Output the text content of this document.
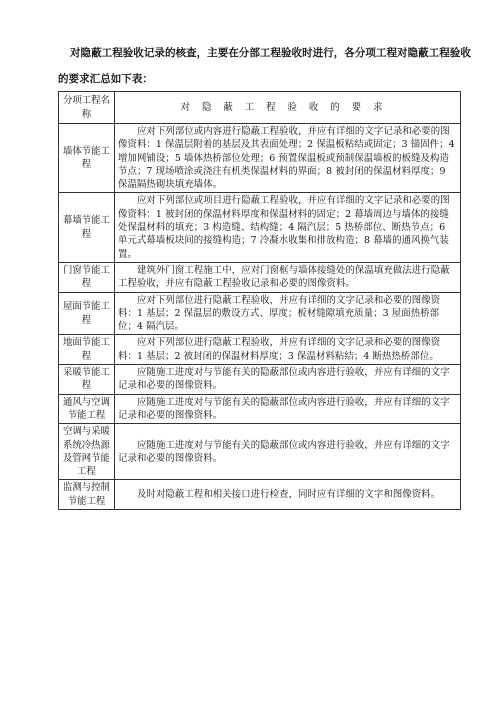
对隐蔽工程验收记录的核查，主要在分部工程验收时进行，各分项工程对隐蔽工程验收的要求汇总如下表：

分项工程名称	对隐蔽工程验收的要求
墙体节能工程	应对下列部位或内容进行隐蔽工程验收，并应有详细的文字记录和必要的图像资料：1 保温层附着的基层及其表面处理；2 保温板粘结或固定；3 锚固件；4 增加网铺设；5 墙体热桥部位处理；6 预置保温板或预制保温墙板的板缝及构造节点；7 现场喷涂或浇注有机类保温材料的界面；8 被封闭的保温材料厚度；9 保温隔热砌块填充墙体。
幕墙节能工程	应对下列部位或项目进行隐蔽工程验收，并应有详细的文字记录和必要的图像资料：1 被封闭的保温材料厚度和保温材料的固定；2 幕墙周边与墙体的接缝处保温材料的填充；3 构造缝、结构缝；4 隔汽层；5 热桥部位、断热节点；6 单元式幕墙板块间的接缝构造；7 冷凝水收集和排放构造；8 幕墙的通风换气装置。
门窗节能工程	建筑外门窗工程施工中，应对门窗框与墙体接缝处的保温填充做法进行隐蔽工程验收，并应有隐蔽工程验收记录和必要的图像资料。
屋面节能工程	应对下列部位进行隐蔽工程验收，并应有详细的文字记录和必要的图像资料：1 基层；2 保温层的敷设方式、厚度；板材缝隙填充质量；3 屋面热桥部位；4 隔汽层。
地面节能工程	应对下列部位进行隐蔽工程验收，并应有详细的文字记录和必要的图像资料：1 基层；2 被封闭的保温材料厚度；3 保温材料粘结；4 断热热桥部位。
采暖节能工程	应随施工进度对与节能有关的隐蔽部位或内容进行验收，并应有详细的文字记录和必要的图像资料。
通风与空调节能工程	应随施工进度对与节能有关的隐蔽部位或内容进行验收，并应有详细的文字记录和必要的图像资料。
空调与采暖系统冷热源及管网节能工程	应随施工进度对与节能有关的隐蔽部位或内容进行验收，并应有详细的文字记录和必要的图像资料。
监测与控制节能工程	及时对隐蔽工程和相关接口进行检查，同时应有详细的文字和图像资料。
